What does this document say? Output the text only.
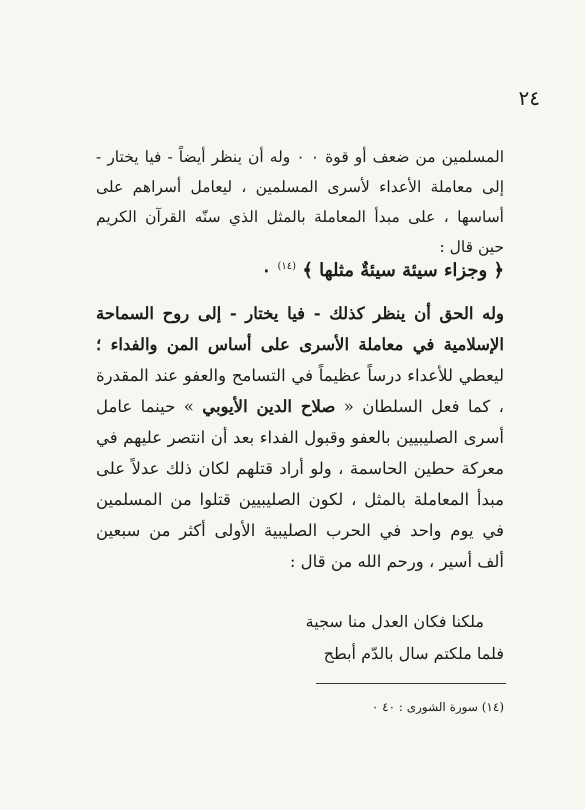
٢٤

المسلمين من ضعف أو قوة ٠ ٠ وله أن ينظر أيضاً - فيا يختار - إلى معاملة الأعداء لأسرى المسلمين ، ليعامل أسراهم على أساسها ، على مبدأ المعاملة بالمثل الذي سنّه القرآن الكريم حين قال :

﴿ وجزاء سيئة سيئةٌ مثلها ﴾ $^{(١٤)}$ ٠

وله الحق أن ينظر كذلك - فيا يختار - إلى روح السماحة الإسلامية في معاملة الأسرى على أساس المن والفداء ؛ ليعطي للأعداء درساً عظيماً في التسامح والعفو عند المقدرة ، كما فعل السلطان « صلاح الدين الأيوبي » حينما عامل أسرى الصليبيين بالعفو وقبول الفداء بعد أن انتصر عليهم في معركة حطين الحاسمة ، ولو أراد قتلهم لكان ذلك عدلاً على مبدأ المعاملة بالمثل ، لكون الصليبيين قتلوا من المسلمين في يوم واحد في الحرب الصليبية الأولى أكثر من سبعين ألف أسير ، ورحم الله من قال :

ملكنا فكان العدل منا سجية
فلما ملكتم سال بالدّم أبطح
(١٤) سورة الشورى : ٤٠ ٠
